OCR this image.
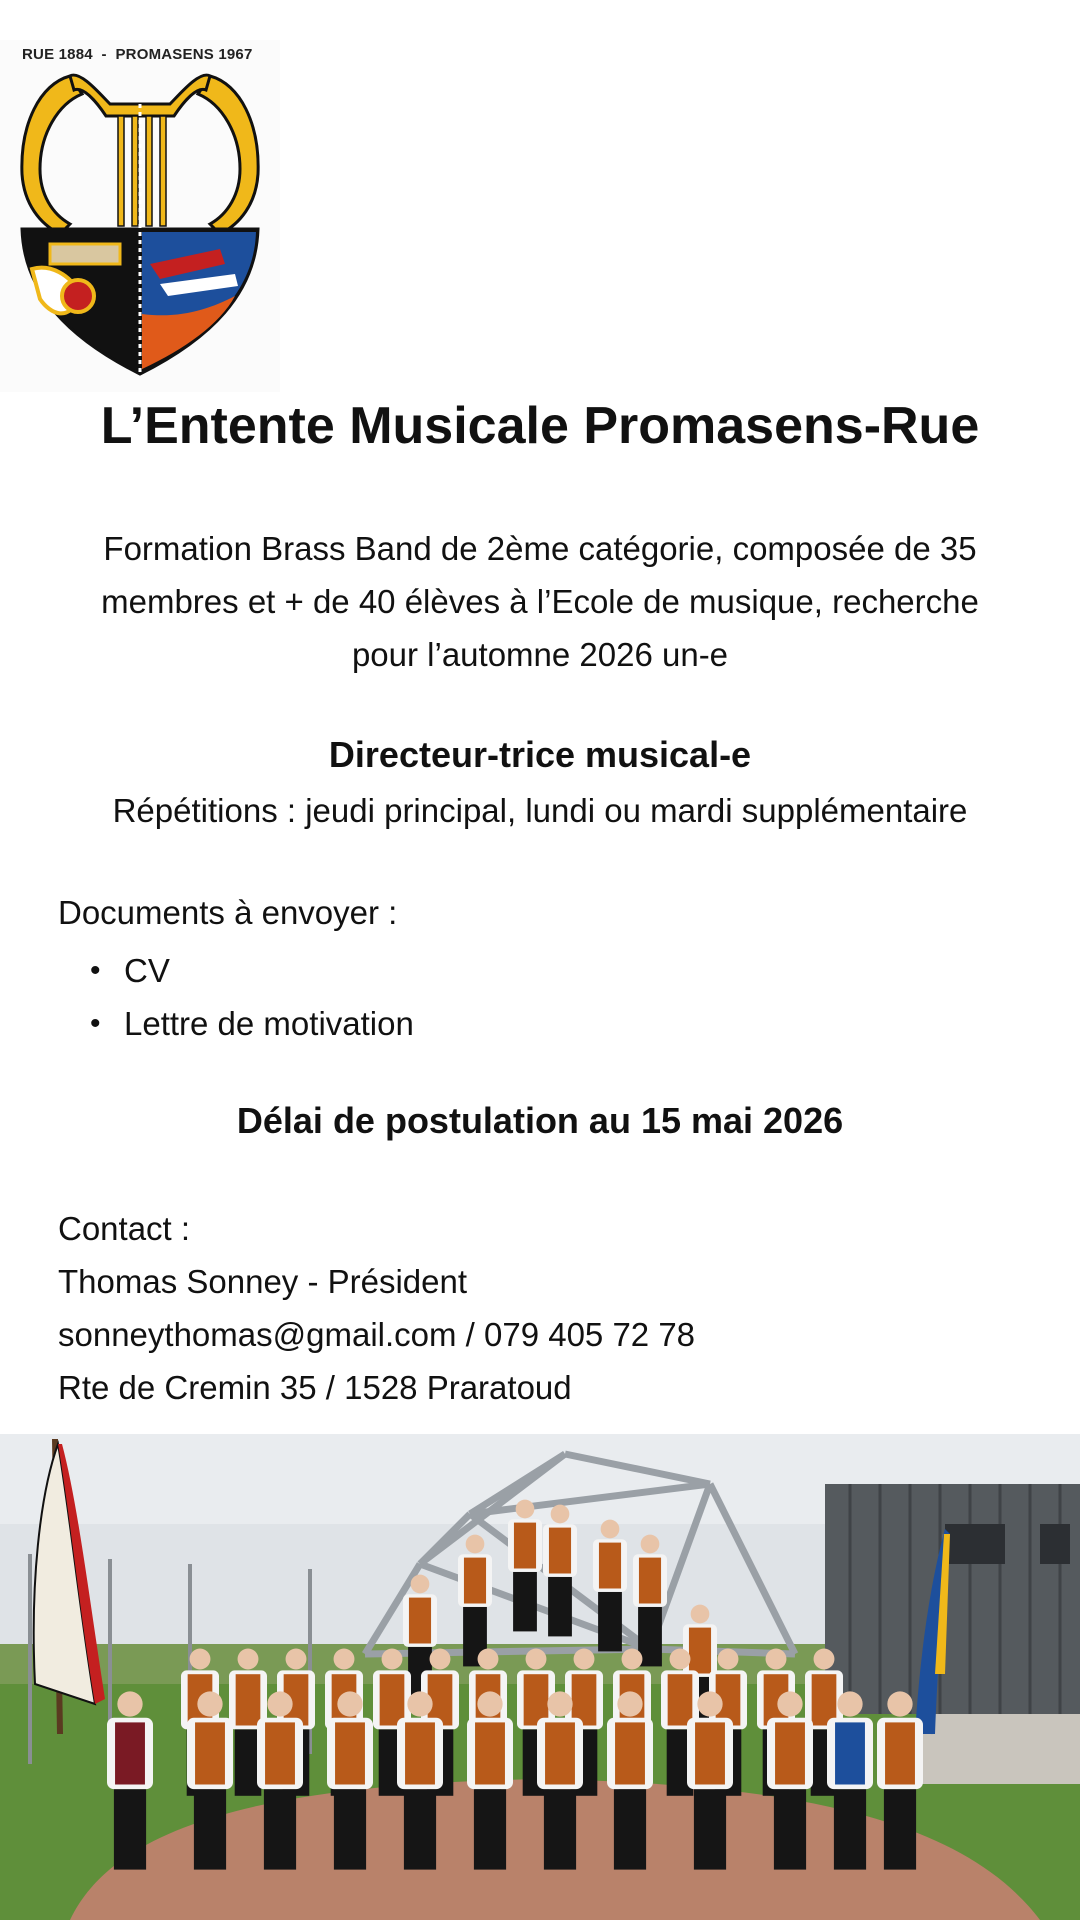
RUE 1884  -  PROMASENS 1967
L’Entente Musicale Promasens-Rue
Formation Brass Band de 2ème catégorie, composée de 35
membres et + de 40 élèves à l’Ecole de musique, recherche
pour l’automne 2026 un-e
Directeur-trice musical-e
Répétitions : jeudi principal, lundi ou mardi supplémentaire
Documents à envoyer :
• CV
• Lettre de motivation
Délai de postulation au 15 mai 2026
Contact :
Thomas Sonney - Président
sonneythomas@gmail.com / 079 405 72 78
Rte de Cremin 35 / 1528 Praratoud
